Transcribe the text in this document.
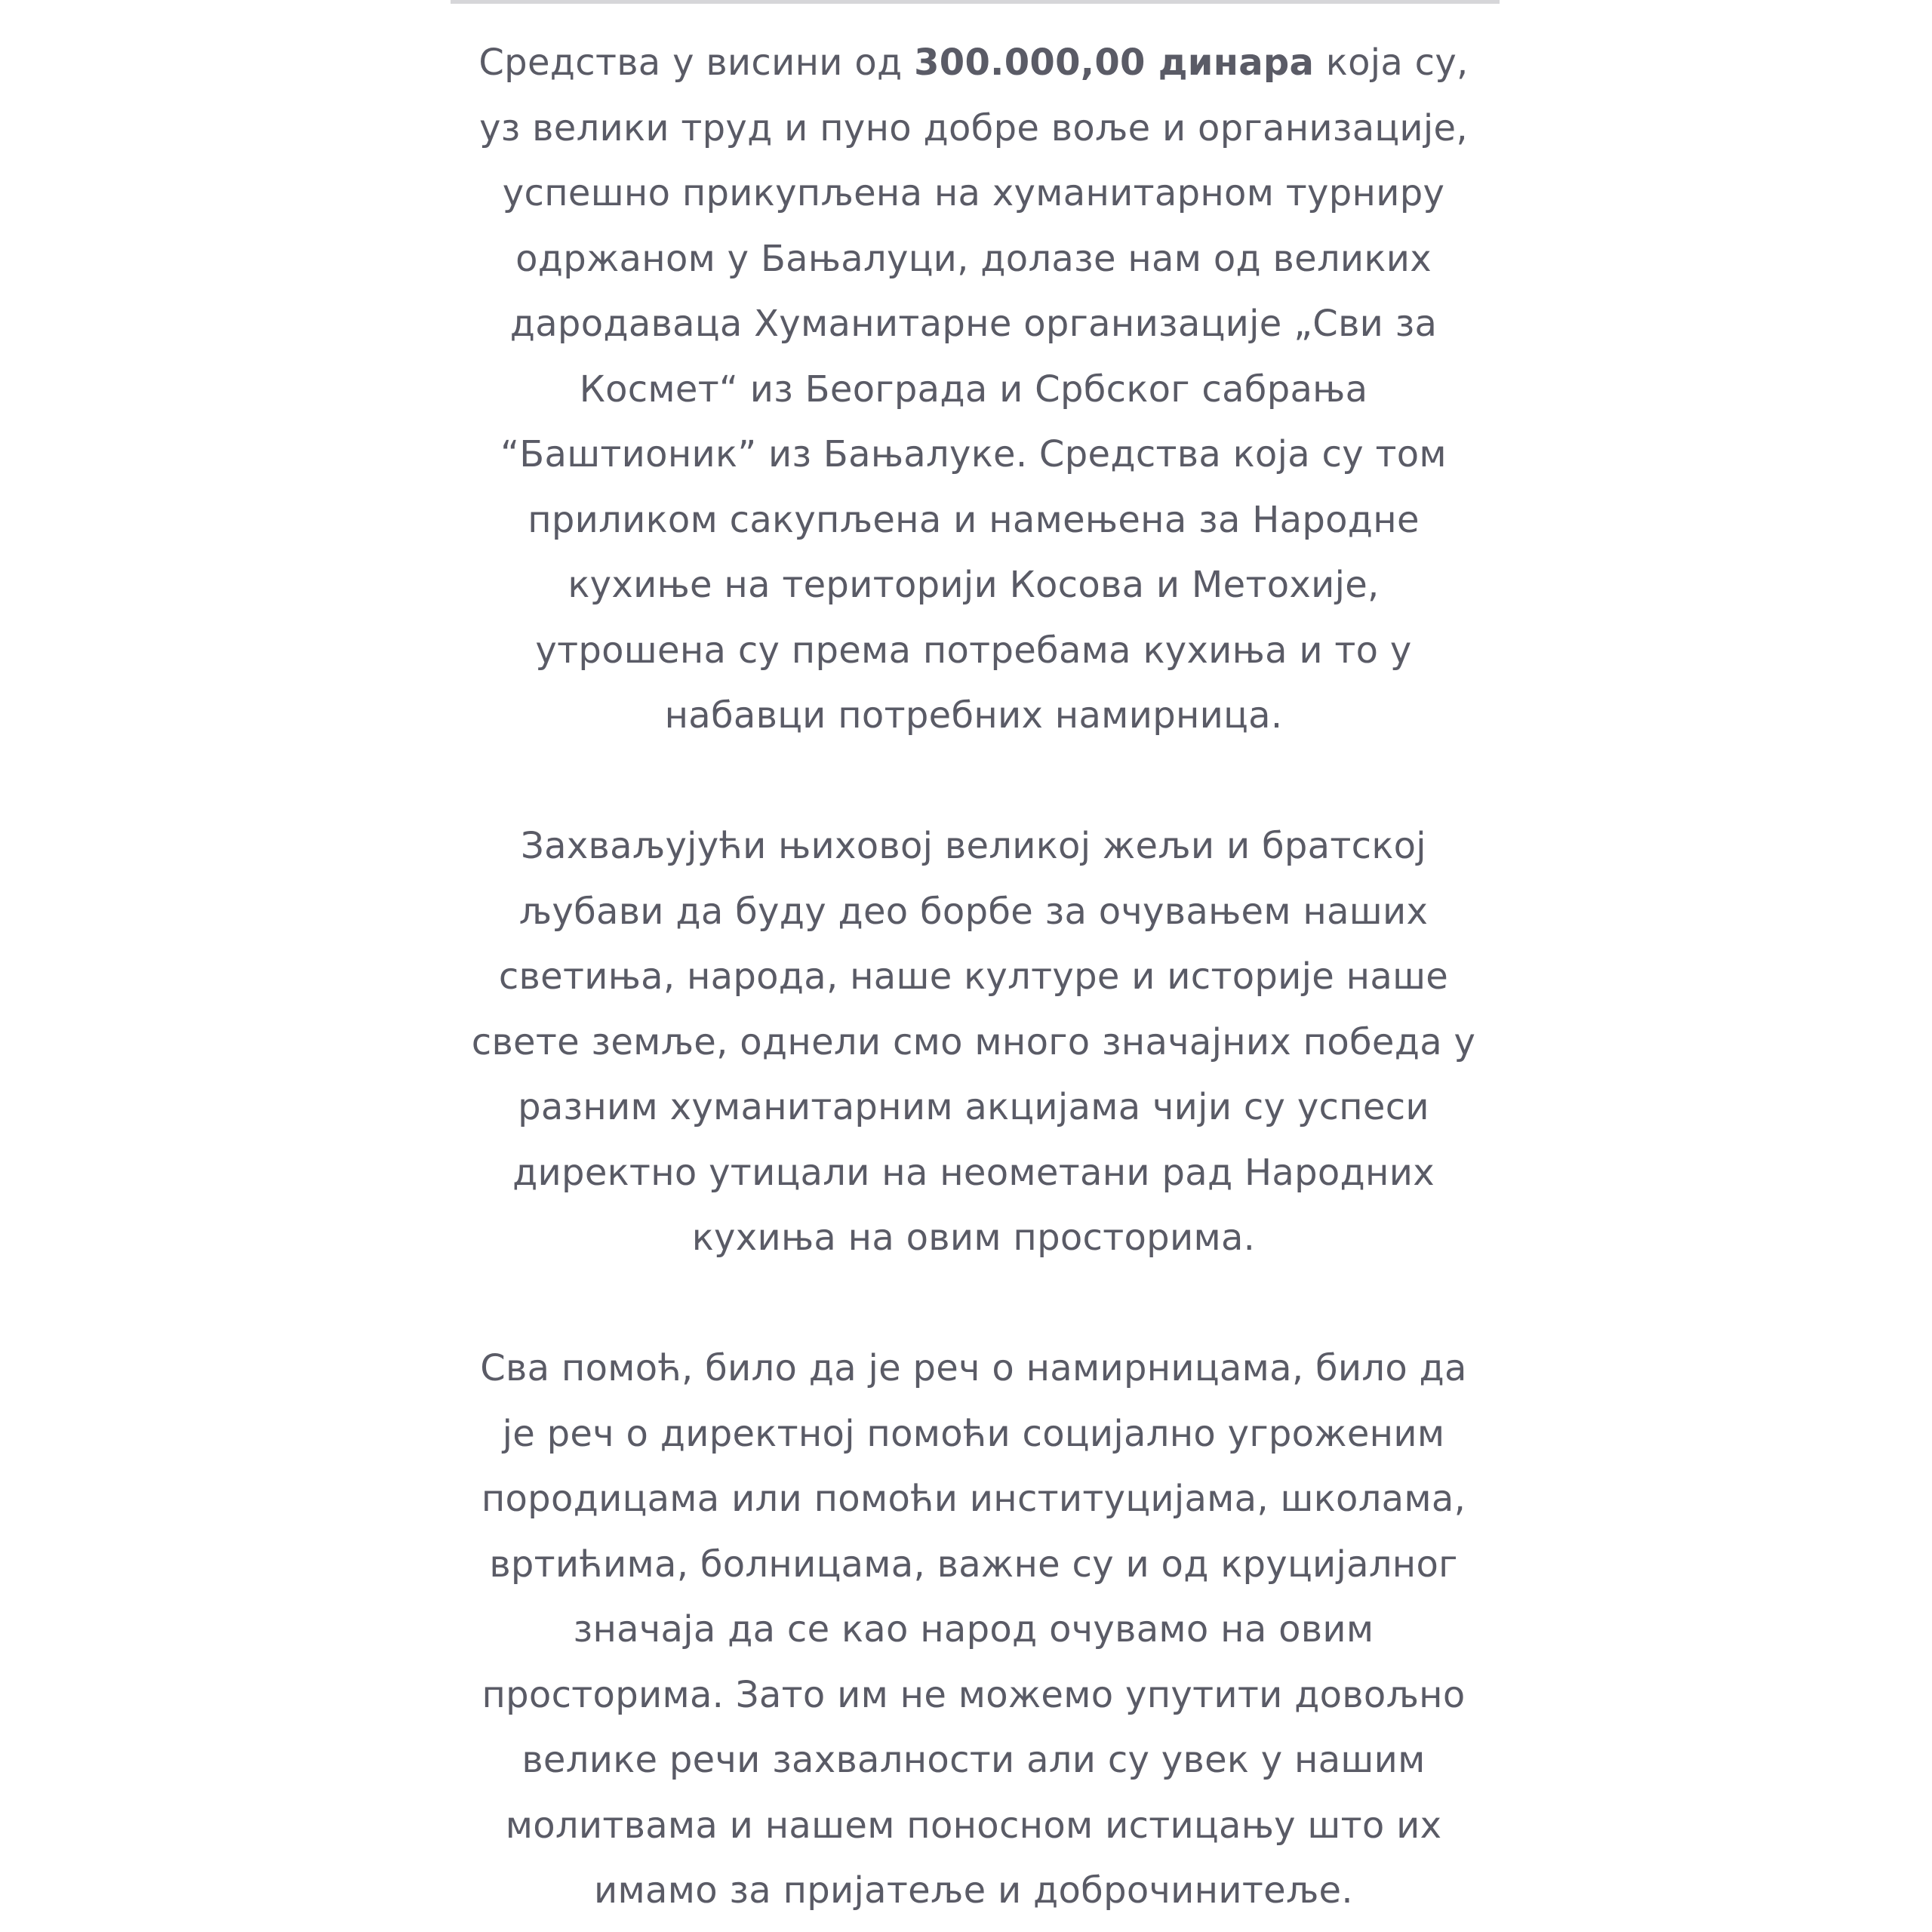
Средства у висини од 300.000,00 динара која су, уз велики труд и пуно добре воље и организације, успешно прикупљена на хуманитарном турниру одржаном у Бањалуци, долазе нам од великих дародаваца Хуманитарне организације „Сви за Космет“ из Београда и Србског сабрања “Баштионик” из Бањалуке. Средства која су том приликом сакупљена и намењена за Народне кухиње на територији Косова и Метохије, утрошена су према потребама кухиња и то у набавци потребних намирница.

Захваљујући њиховој великој жељи и братској љубави да буду део борбе за очувањем наших светиња, народа, наше културе и историје наше свете земље, однели смо много значајних победа у разним хуманитарним акцијама чији су успеси директно утицали на неометани рад Народних кухиња на овим просторима.

Сва помоћ, било да је реч о намирницама, било да је реч о директној помоћи социјално угроженим породицама или помоћи институцијама, школама, вртићима, болницама, важне су и од круцијалног значаја да се као народ очувамо на овим просторима. Зато им не можемо упутити довољно велике речи захвалности али су увек у нашим молитвама и нашем поносном истицању што их имамо за пријатеље и доброчинитеље.
